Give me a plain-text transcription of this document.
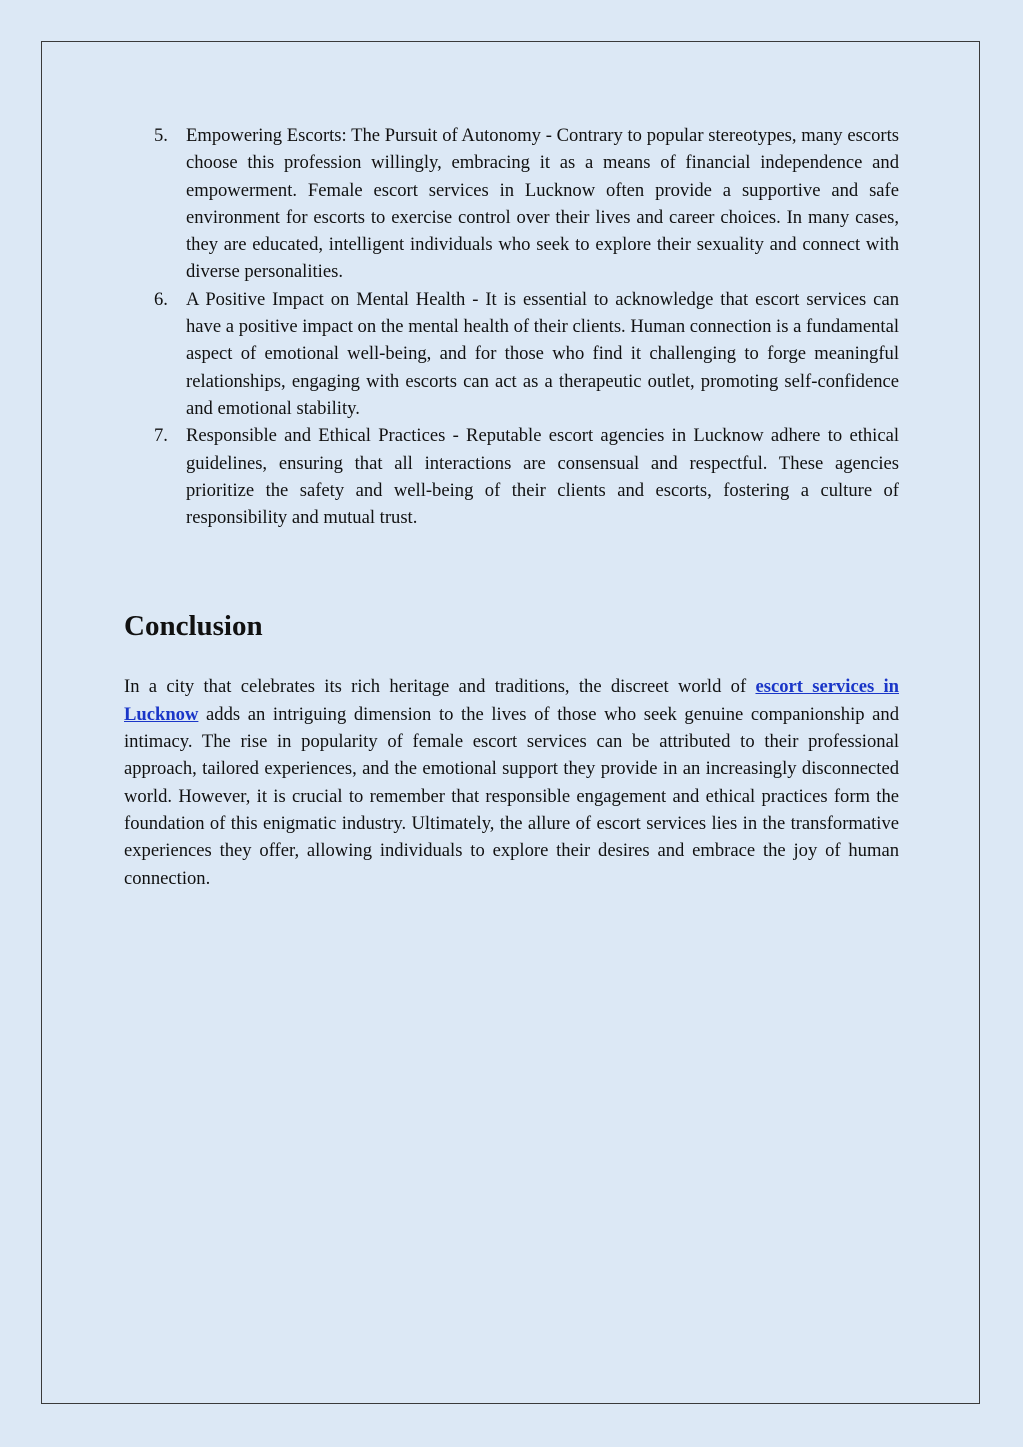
5. Empowering Escorts: The Pursuit of Autonomy - Contrary to popular stereotypes, many escorts choose this profession willingly, embracing it as a means of financial independence and empowerment. Female escort services in Lucknow often provide a supportive and safe environment for escorts to exercise control over their lives and career choices. In many cases, they are educated, intelligent individuals who seek to explore their sexuality and connect with diverse personalities.
6. A Positive Impact on Mental Health - It is essential to acknowledge that escort services can have a positive impact on the mental health of their clients. Human connection is a fundamental aspect of emotional well-being, and for those who find it challenging to forge meaningful relationships, engaging with escorts can act as a therapeutic outlet, promoting self-confidence and emotional stability.
7. Responsible and Ethical Practices - Reputable escort agencies in Lucknow adhere to ethical guidelines, ensuring that all interactions are consensual and respectful. These agencies prioritize the safety and well-being of their clients and escorts, fostering a culture of responsibility and mutual trust.
Conclusion

In a city that celebrates its rich heritage and traditions, the discreet world of escort services in Lucknow adds an intriguing dimension to the lives of those who seek genuine companionship and intimacy. The rise in popularity of female escort services can be attributed to their professional approach, tailored experiences, and the emotional support they provide in an increasingly disconnected world. However, it is crucial to remember that responsible engagement and ethical practices form the foundation of this enigmatic industry. Ultimately, the allure of escort services lies in the transformative experiences they offer, allowing individuals to explore their desires and embrace the joy of human connection.
